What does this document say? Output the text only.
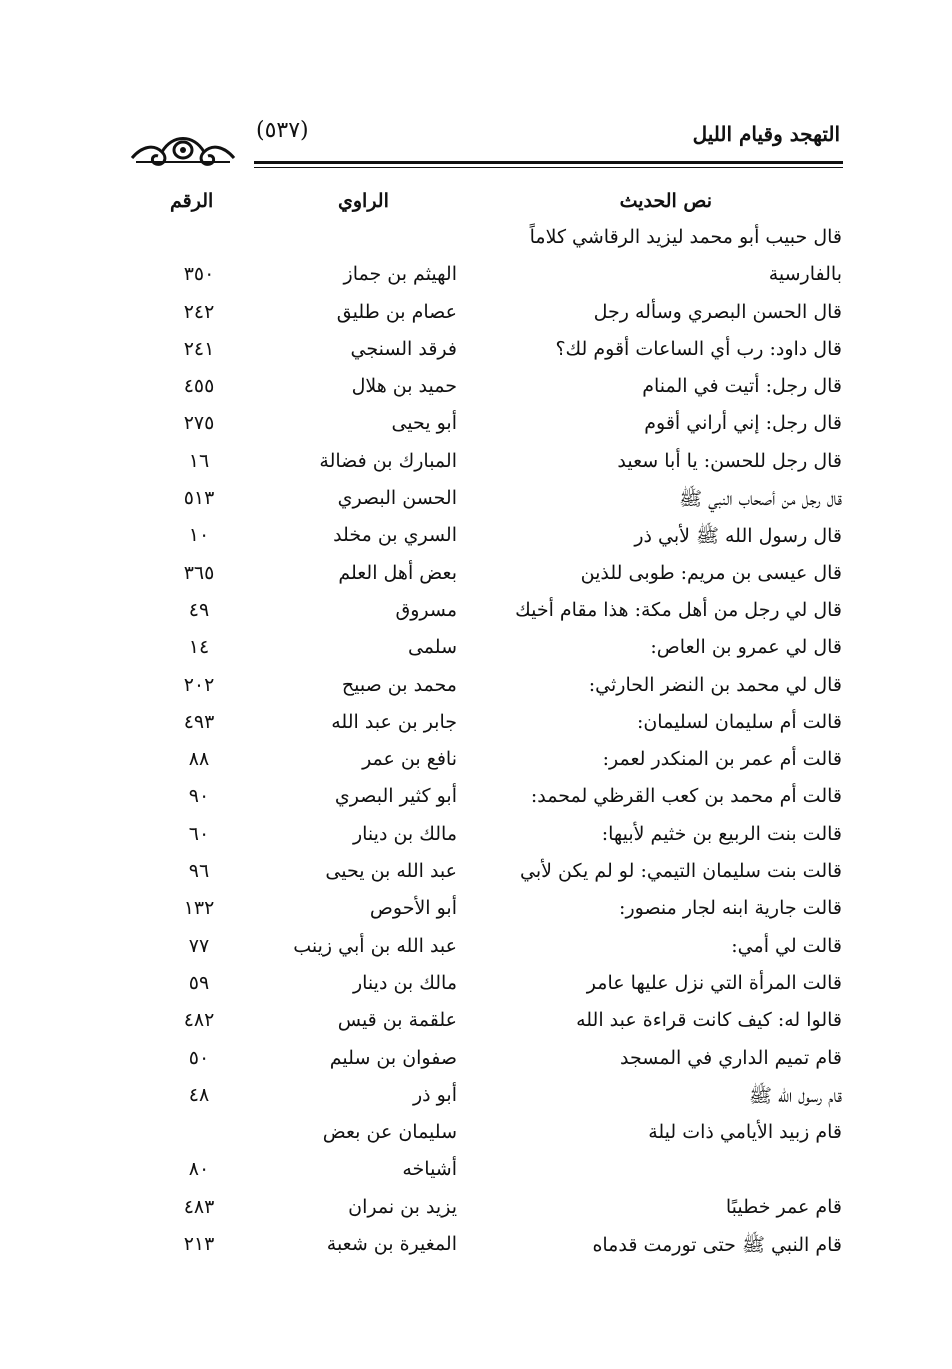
التهجد وقيام الليل
(٥٣٧)
نص الحديث
الراوي
الرقم
قال حبيب أبو محمد ليزيد الرقاشي كلاماً
بالفارسية
الهيثم بن جماز
٣٥٠
قال الحسن البصري وسأله رجل
عصام بن طليق
٢٤٢
قال داود: رب أي الساعات أقوم لك؟
فرقد السنجي
٢٤١
قال رجل: أتيت في المنام
حميد بن هلال
٤٥٥
قال رجل: إني أراني أقوم
أبو يحيى
٢٧٥
قال رجل للحسن: يا أبا سعيد
المبارك بن فضالة
١٦
قال رجل من أصحاب النبي ﷺ
الحسن البصري
٥١٣
قال رسول الله ﷺ لأبي ذر
السري بن مخلد
١٠
قال عيسى بن مريم: طوبى للذين
بعض أهل العلم
٣٦٥
قال لي رجل من أهل مكة: هذا مقام أخيك
مسروق
٤٩
قال لي عمرو بن العاص:
سلمى
١٤
قال لي محمد بن النضر الحارثي:
محمد بن صبيح
٢٠٢
قالت أم سليمان لسليمان:
جابر بن عبد الله
٤٩٣
قالت أم عمر بن المنكدر لعمر:
نافع بن عمر
٨٨
قالت أم محمد بن كعب القرظي لمحمد:
أبو كثير البصري
٩٠
قالت بنت الربيع بن خثيم لأبيها:
مالك بن دينار
٦٠
قالت بنت سليمان التيمي: لو لم يكن لأبي
عبد الله بن يحيى
٩٦
قالت جارية ابنه لجار منصور:
أبو الأحوص
١٣٢
قالت لي أمي:
عبد الله بن أبي زينب
٧٧
قالت المرأة التي نزل عليها عامر
مالك بن دينار
٥٩
قالوا له: كيف كانت قراءة عبد الله
علقمة بن قيس
٤٨٢
قام تميم الداري في المسجد
صفوان بن سليم
٥٠
قام رسول الله ﷺ
أبو ذر
٤٨
قام زبيد الأيامي ذات ليلة
سليمان عن بعض
أشياخه
٨٠
قام عمر خطيبًا
يزيد بن نمران
٤٨٣
قام النبي ﷺ حتى تورمت قدماه
المغيرة بن شعبة
٢١٣
